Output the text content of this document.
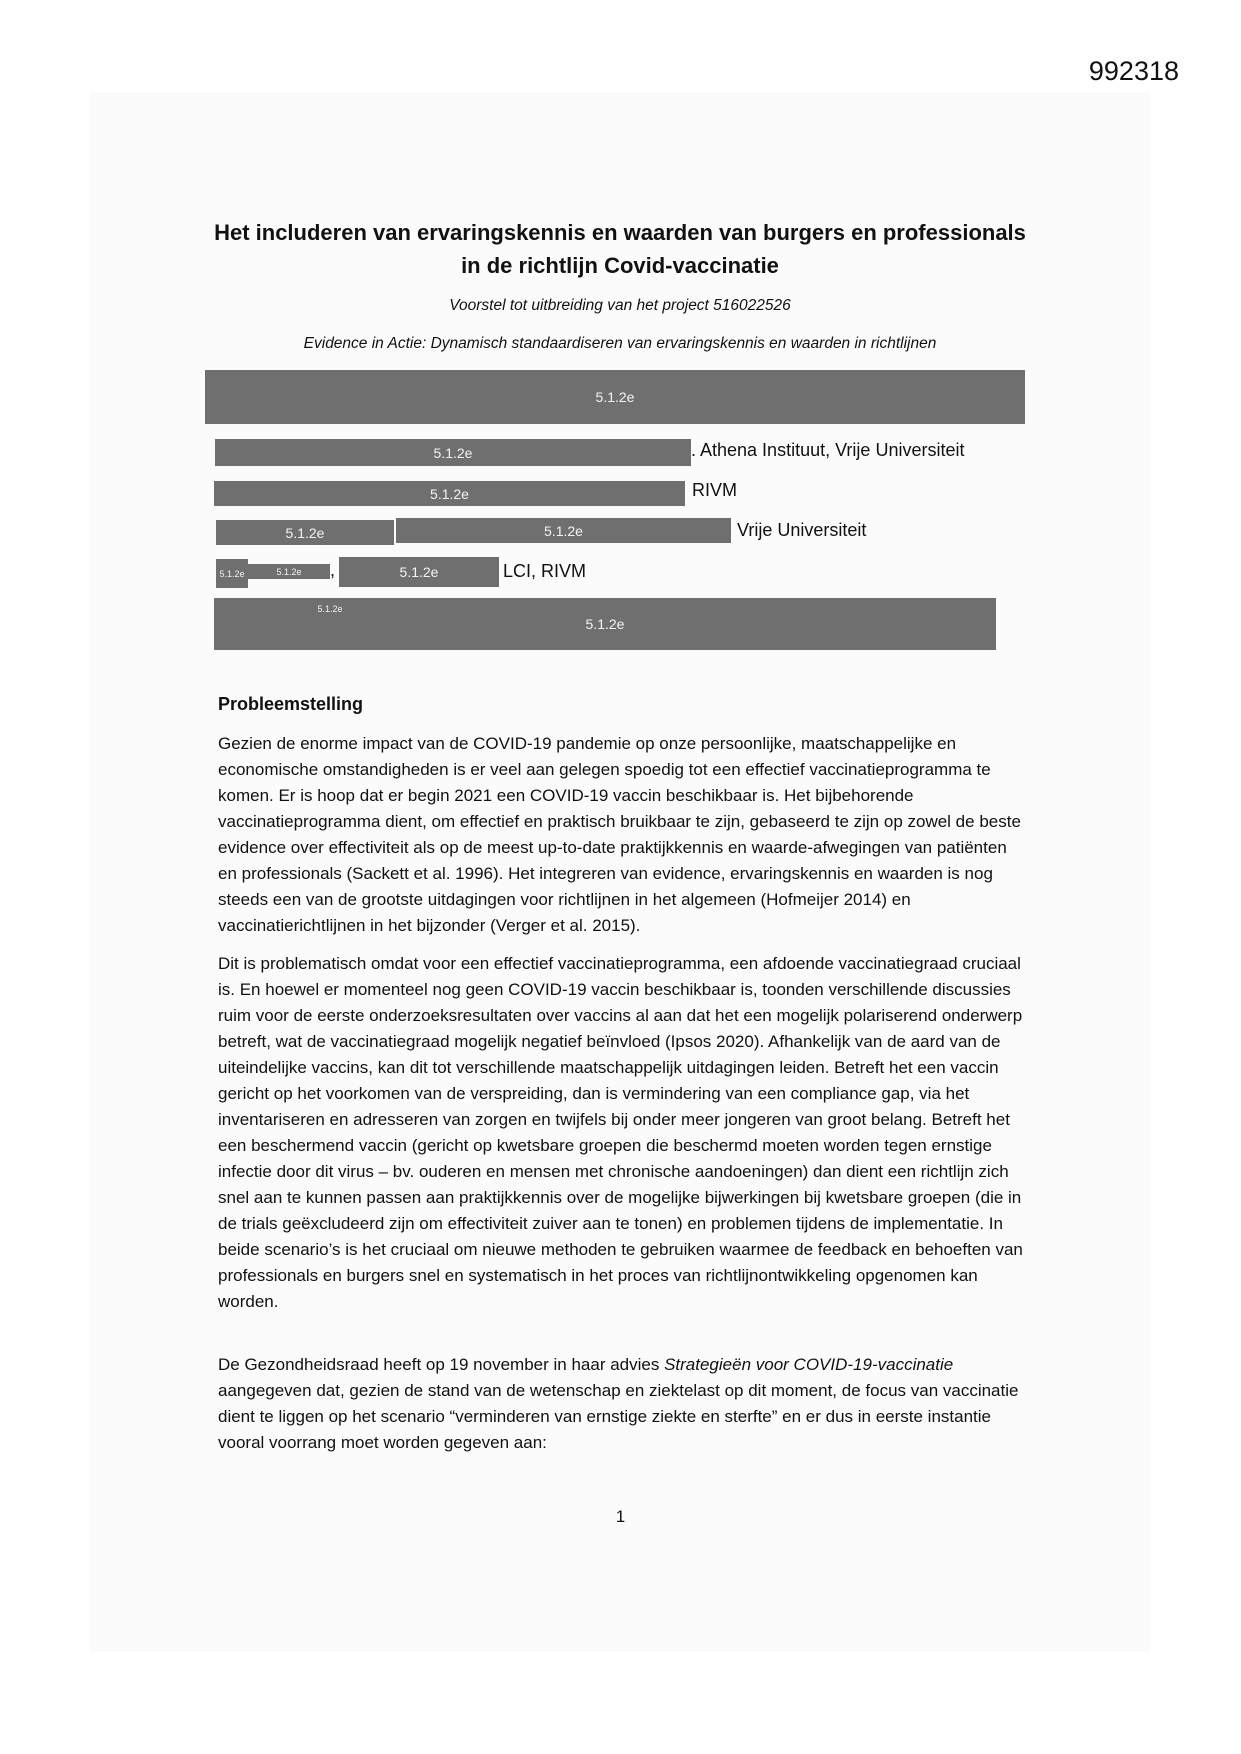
992318
Het includeren van ervaringskennis en waarden van burgers en professionals
in de richtlijn Covid-vaccinatie
Voorstel tot uitbreiding van het project 516022526
Evidence in Actie: Dynamisch standaardiseren van ervaringskennis en waarden in richtlijnen
5.1.2e
5.1.2e	. Athena Instituut, Vrije Universiteit
5.1.2e	RIVM
5.1.2e	5.1.2e	Vrije Universiteit
5.1.2e	5.1.2e	,	5.1.2e	LCI, RIVM
5.1.2e
5.1.2e
Probleemstelling

Gezien de enorme impact van de COVID-19 pandemie op onze persoonlijke, maatschappelijke en economische omstandigheden is er veel aan gelegen spoedig tot een effectief vaccinatieprogramma te komen. Er is hoop dat er begin 2021 een COVID-19 vaccin beschikbaar is. Het bijbehorende vaccinatieprogramma dient, om effectief en praktisch bruikbaar te zijn, gebaseerd te zijn op zowel de beste evidence over effectiviteit als op de meest up-to-date praktijkkennis en waarde-afwegingen van patiënten en professionals (Sackett et al. 1996). Het integreren van evidence, ervaringskennis en waarden is nog steeds een van de grootste uitdagingen voor richtlijnen in het algemeen (Hofmeijer 2014) en vaccinatierichtlijnen in het bijzonder (Verger et al. 2015).

Dit is problematisch omdat voor een effectief vaccinatieprogramma, een afdoende vaccinatiegraad cruciaal is. En hoewel er momenteel nog geen COVID-19 vaccin beschikbaar is, toonden verschillende discussies ruim voor de eerste onderzoeksresultaten over vaccins al aan dat het een mogelijk polariserend onderwerp betreft, wat de vaccinatiegraad mogelijk negatief beïnvloed (Ipsos 2020). Afhankelijk van de aard van de uiteindelijke vaccins, kan dit tot verschillende maatschappelijk uitdagingen leiden. Betreft het een vaccin gericht op het voorkomen van de verspreiding, dan is vermindering van een compliance gap, via het inventariseren en adresseren van zorgen en twijfels bij onder meer jongeren van groot belang. Betreft het een beschermend vaccin (gericht op kwetsbare groepen die beschermd moeten worden tegen ernstige infectie door dit virus – bv. ouderen en mensen met chronische aandoeningen) dan dient een richtlijn zich snel aan te kunnen passen aan praktijkkennis over de mogelijke bijwerkingen bij kwetsbare groepen (die in de trials geëxcludeerd zijn om effectiviteit zuiver aan te tonen) en problemen tijdens de implementatie. In beide scenario’s is het cruciaal om nieuwe methoden te gebruiken waarmee de feedback en behoeften van professionals en burgers snel en systematisch in het proces van richtlijnontwikkeling opgenomen kan worden.

De Gezondheidsraad heeft op 19 november in haar advies Strategieën voor COVID-19-vaccinatie aangegeven dat, gezien de stand van de wetenschap en ziektelast op dit moment, de focus van vaccinatie dient te liggen op het scenario “verminderen van ernstige ziekte en sterfte” en er dus in eerste instantie vooral voorrang moet worden gegeven aan:

1
